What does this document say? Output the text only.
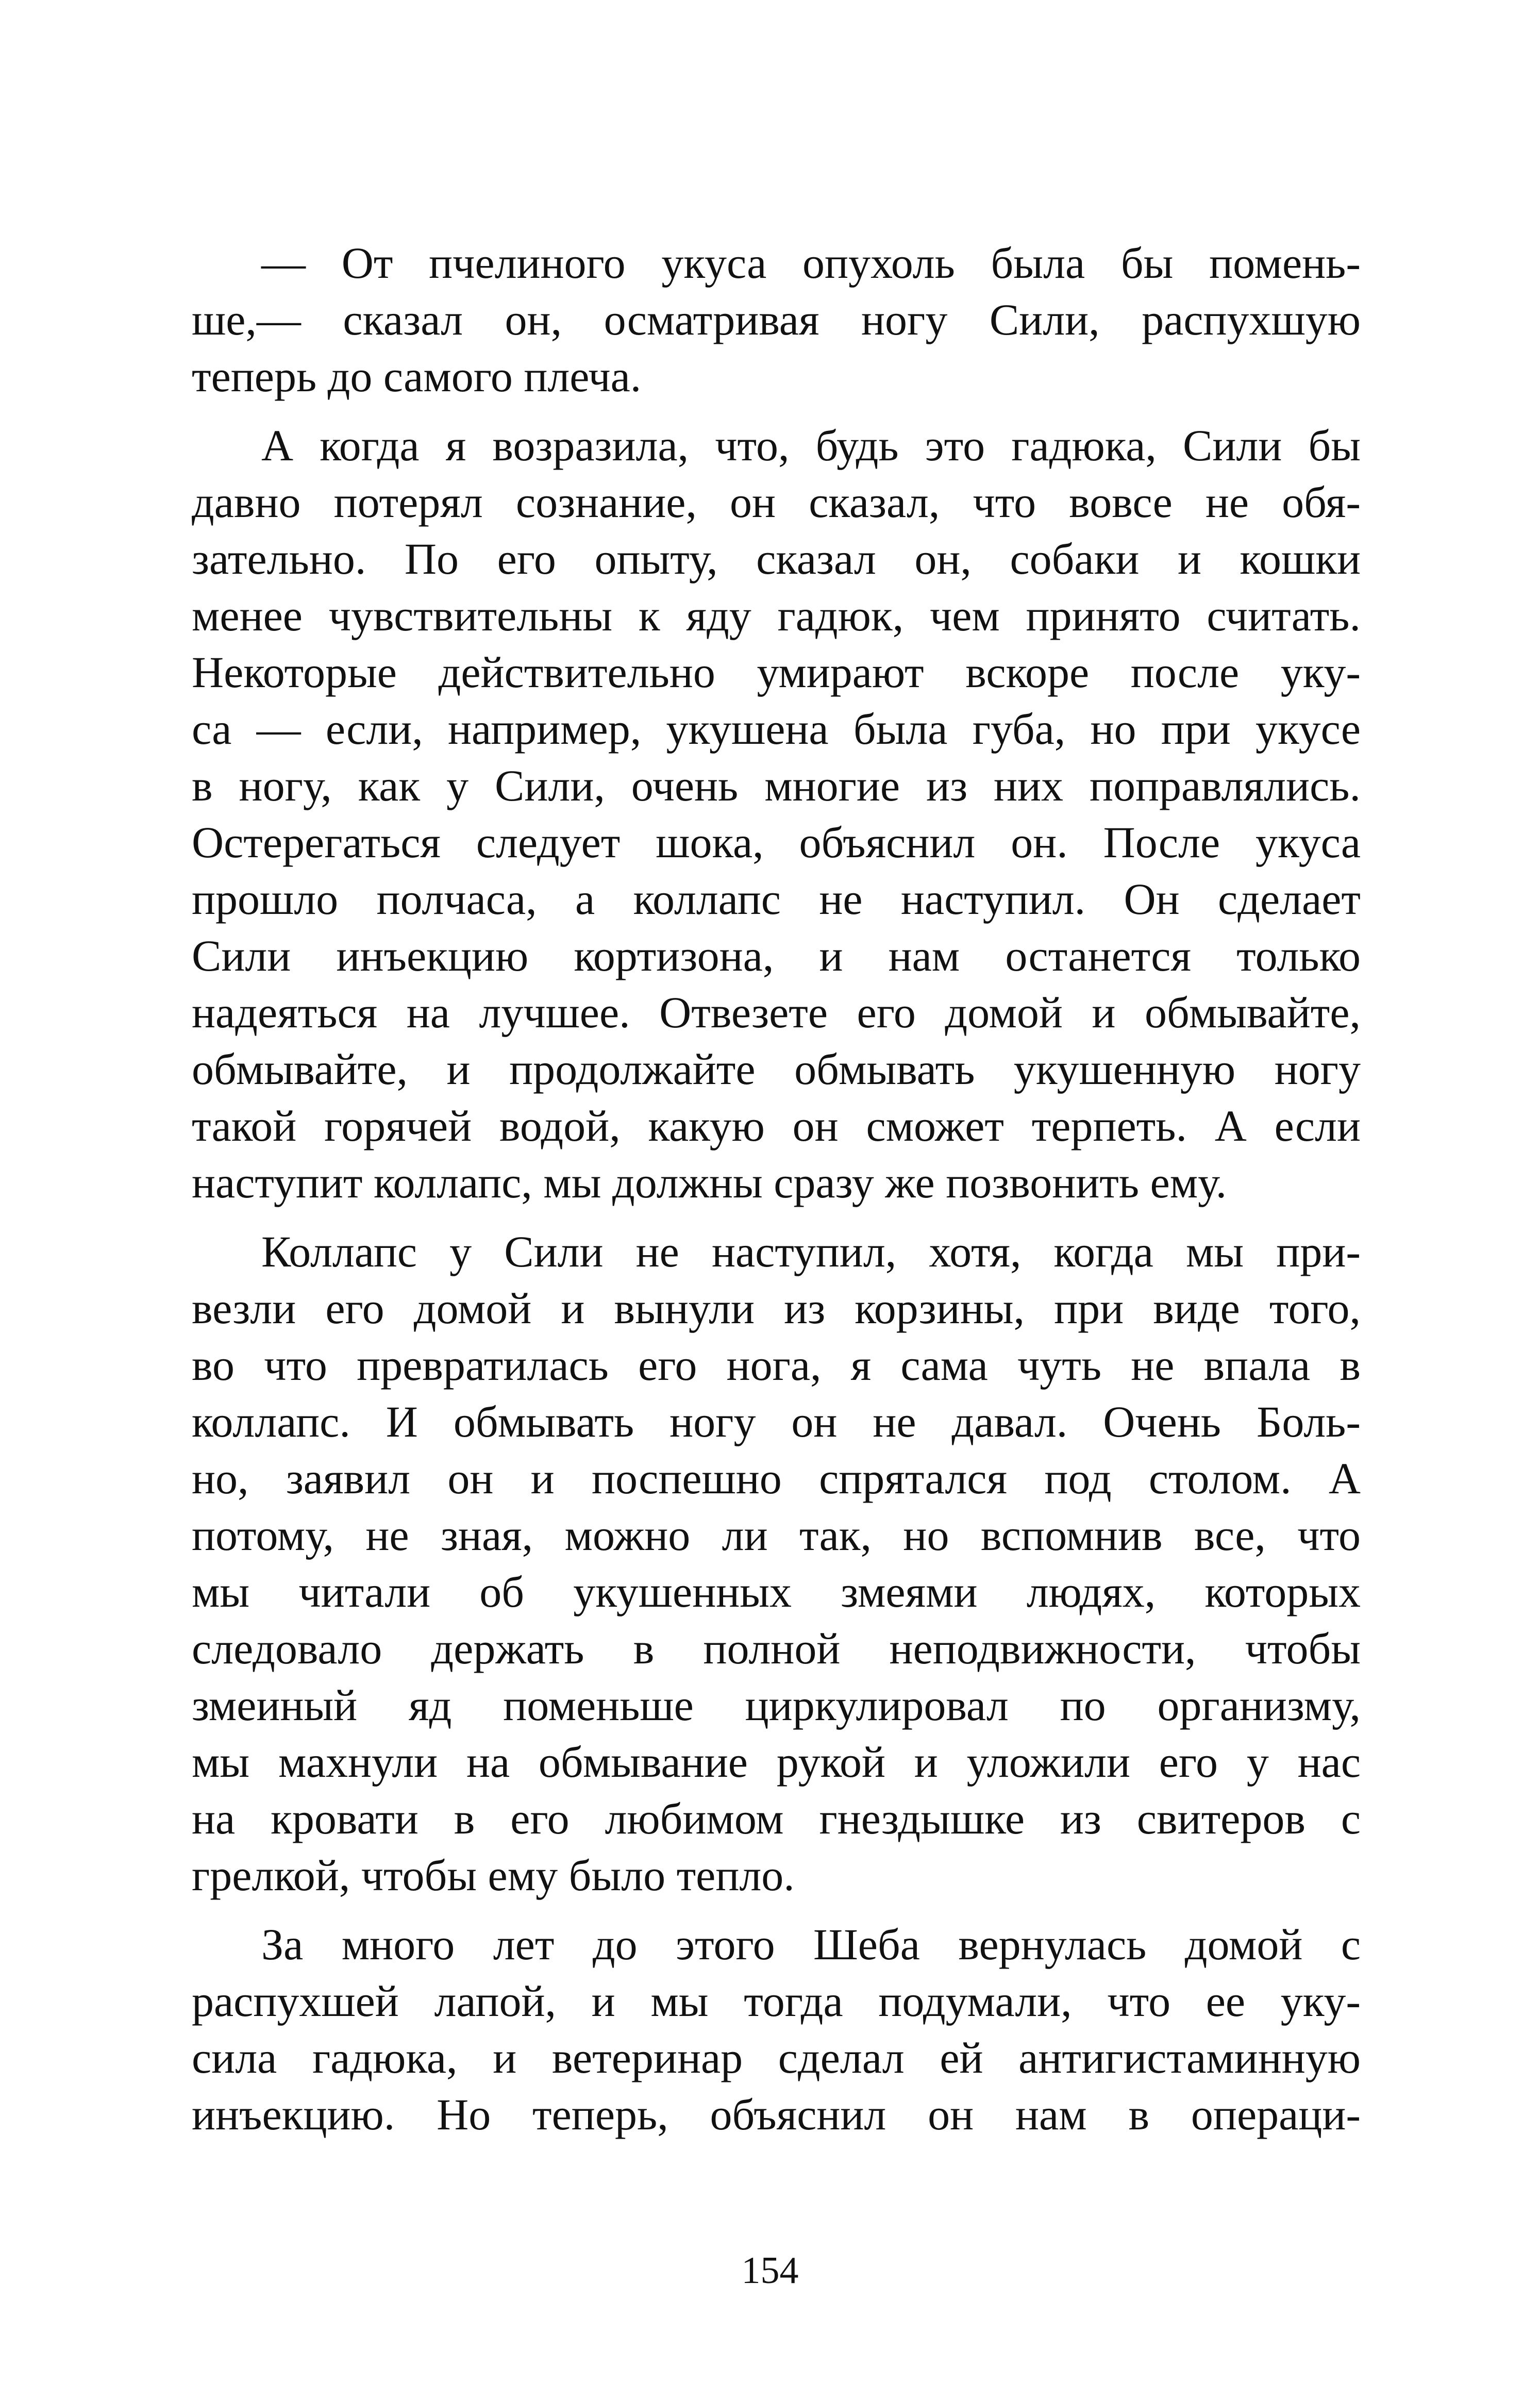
— От пчелиного укуса опухоль была бы помень-
ше,— сказал он, осматривая ногу Сили, распухшую
теперь до самого плеча.
А когда я возразила, что, будь это гадюка, Сили бы
давно потерял сознание, он сказал, что вовсе не обя-
зательно. По его опыту, сказал он, собаки и кошки
менее чувствительны к яду гадюк, чем принято считать.
Некоторые действительно умирают вскоре после уку-
са — если, например, укушена была губа, но при укусе
в ногу, как у Сили, очень многие из них поправлялись.
Остерегаться следует шока, объяснил он. После укуса
прошло полчаса, а коллапс не наступил. Он сделает
Сили инъекцию кортизона, и нам останется только
надеяться на лучшее. Отвезете его домой и обмывайте,
обмывайте, и продолжайте обмывать укушенную ногу
такой горячей водой, какую он сможет терпеть. А если
наступит коллапс, мы должны сразу же позвонить ему.
Коллапс у Сили не наступил, хотя, когда мы при-
везли его домой и вынули из корзины, при виде того,
во что превратилась его нога, я сама чуть не впала в
коллапс. И обмывать ногу он не давал. Очень Боль-
но, заявил он и поспешно спрятался под столом. А
потому, не зная, можно ли так, но вспомнив все, что
мы читали об укушенных змеями людях, которых
следовало держать в полной неподвижности, чтобы
змеиный яд поменьше циркулировал по организму,
мы махнули на обмывание рукой и уложили его у нас
на кровати в его любимом гнездышке из свитеров с
грелкой, чтобы ему было тепло.
За много лет до этого Шеба вернулась домой с
распухшей лапой, и мы тогда подумали, что ее уку-
сила гадюка, и ветеринар сделал ей антигистаминную
инъекцию. Но теперь, объяснил он нам в операци-
154
